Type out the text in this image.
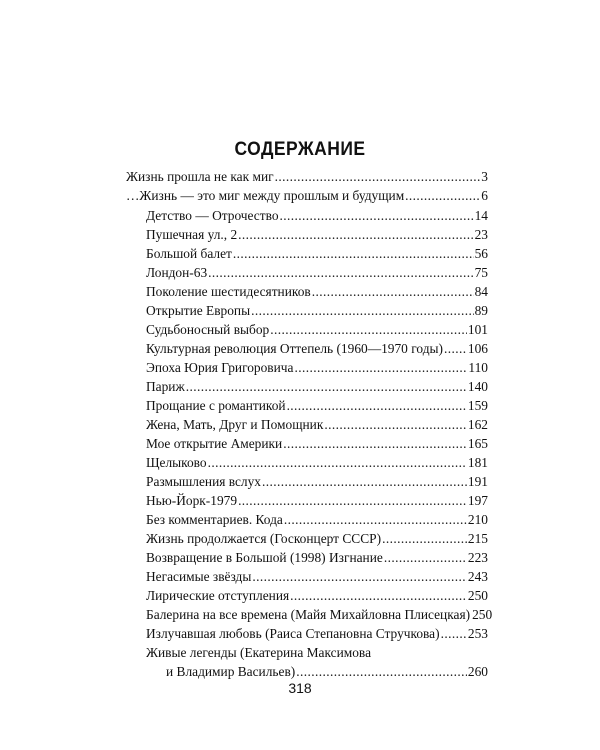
СОДЕРЖАНИЕ
Жизнь прошла не как миг .....	3
…Жизнь — это миг между прошлым и будущим .....	6
Детство — Отрочество .....	14
Пушечная ул., 2 .....	23
Большой балет .....	56
Лондон-63 .....	75
Поколение шестидесятников .....	84
Открытие Европы .....	89
Судьбоносный выбор .....	101
Культурная революция Оттепель (1960—1970 годы) ..... 106
Эпоха Юрия Григоровича .....	110
Париж .....	140
Прощание с романтикой .....	159
Жена, Мать, Друг и Помощник .....	162
Мое открытие Америки .....	165
Щелыково .....	181
Размышления вслух .....	191
Нью-Йорк-1979 .....	197
Без комментариев. Кода .....	210
Жизнь продолжается (Госконцерт СССР) .....	215
Возвращение в Большой (1998) Изгнание .....	223
Негасимые звёзды .....	243
Лирические отступления .....	250
Балерина на все времена (Майя Михайловна Плисецкая) 250
Излучавшая любовь (Раиса Степановна Стручкова) ..... 253
Живые легенды (Екатерина Максимова
и Владимир Васильев) .....	260
318
